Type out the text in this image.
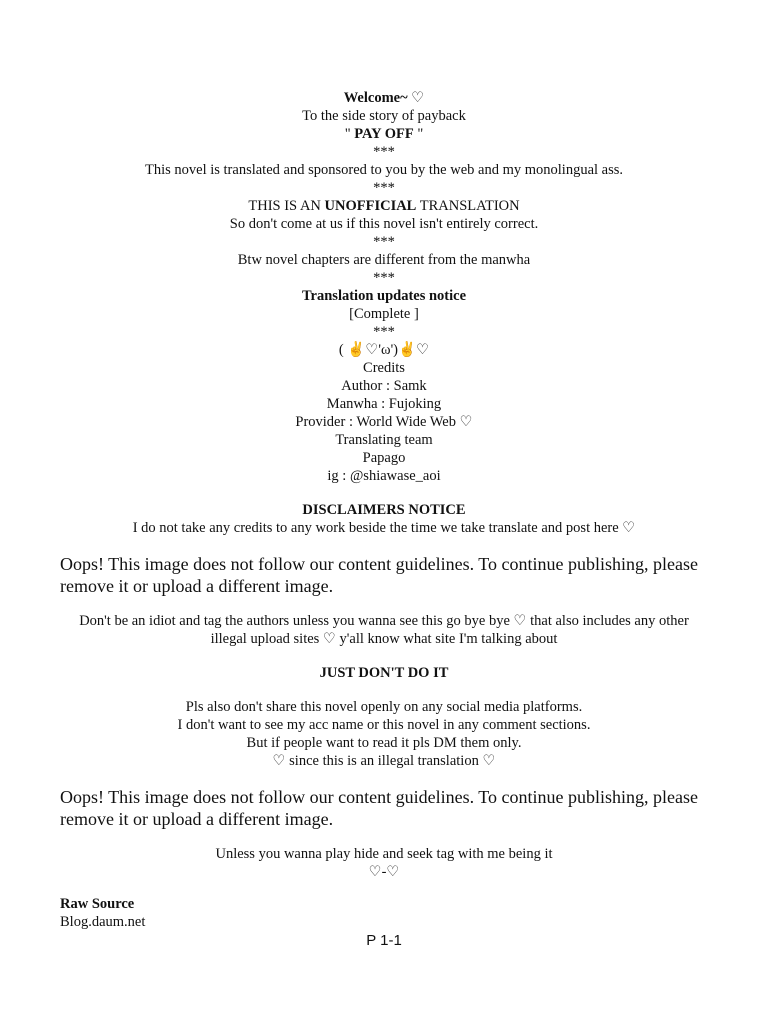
Welcome~ ♡
To the side story of payback
" PAY OFF "
***
This novel is translated and sponsored to you by the web and my monolingual ass.
***
THIS IS AN UNOFFICIAL TRANSLATION
So don't come at us if this novel isn't entirely correct.
***
Btw novel chapters are different from the manwha
***
Translation updates notice
[Complete ]
***
( ✌♡'ω')✌♡
Credits
Author : Samk
Manwha : Fujoking
Provider : World Wide Web ♡
Translating team
Papago
ig : @shiawase_aoi
DISCLAIMERS NOTICE
I do not take any credits to any work beside the time we take translate and post here ♡
Oops! This image does not follow our content guidelines. To continue publishing, please remove it or upload a different image.
Don't be an idiot and tag the authors unless you wanna see this go bye bye ♡ that also includes any other
illegal upload sites ♡ y'all know what site I'm talking about
JUST DON'T DO IT
Pls also don't share this novel openly on any social media platforms.
I don't want to see my acc name or this novel in any comment sections.
But if people want to read it pls DM them only.
♡ since this is an illegal translation ♡
Oops! This image does not follow our content guidelines. To continue publishing, please remove it or upload a different image.
Unless you wanna play hide and seek tag with me being it
♡-♡
Raw Source
Blog.daum.net
P 1-1
